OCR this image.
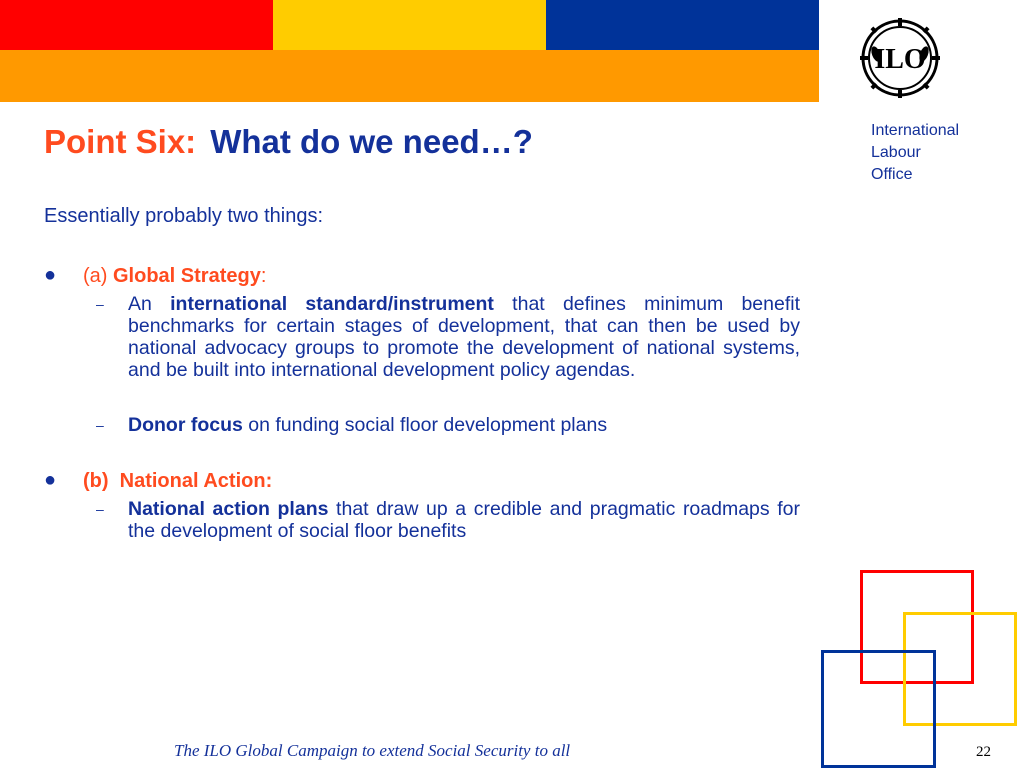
ILO
International
Labour
Office
Point Six: What do we need…?

Essentially probably two things:

● (a) Global Strategy:
– An international standard/instrument that defines minimum benefit benchmarks for certain stages of development, that can then be used by national advocacy groups to promote the development of national systems, and be built into international development policy agendas.
– Donor focus on funding social floor development plans
● (b)  National Action:
– National action plans that draw up a credible and pragmatic roadmaps for the development of social floor benefits
The ILO Global Campaign to extend Social Security to all	22
